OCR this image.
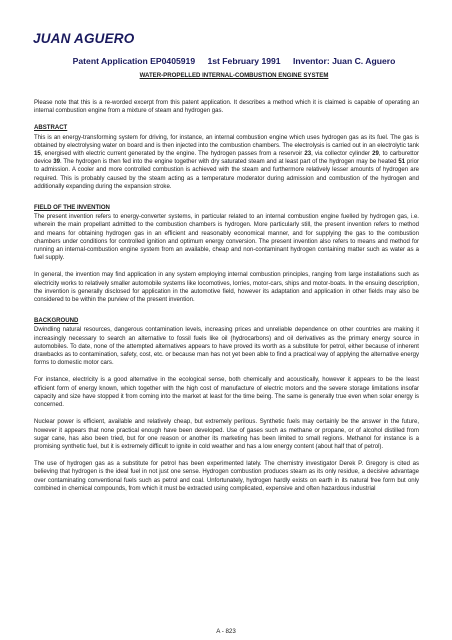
JUAN AGUERO
Patent Application EP0405919 1st February 1991 Inventor: Juan C. Aguero
WATER-PROPELLED INTERNAL-COMBUSTION ENGINE SYSTEM

Please note that this is a re-worded excerpt from this patent application. It describes a method which it is claimed is capable of operating an internal combustion engine from a mixture of steam and hydrogen gas.

ABSTRACT

This is an energy-transforming system for driving, for instance, an internal combustion engine which uses hydrogen gas as its fuel. The gas is obtained by electrolysing water on board and is then injected into the combustion chambers. The electrolysis is carried out in an electrolytic tank 15, energised with electric current generated by the engine. The hydrogen passes from a reservoir 23, via collector cylinder 29, to carburettor device 39. The hydrogen is then fed into the engine together with dry saturated steam and at least part of the hydrogen may be heated 51 prior to admission. A cooler and more controlled combustion is achieved with the steam and furthermore relatively lesser amounts of hydrogen are required. This is probably caused by the steam acting as a temperature moderator during admission and combustion of the hydrogen and additionally expanding during the expansion stroke.

FIELD OF THE INVENTION

The present invention refers to energy-converter systems, in particular related to an internal combustion engine fuelled by hydrogen gas, i.e. wherein the main propellant admitted to the combustion chambers is hydrogen. More particularly still, the present invention refers to method and means for obtaining hydrogen gas in an efficient and reasonably economical manner, and for supplying the gas to the combustion chambers under conditions for controlled ignition and optimum energy conversion. The present invention also refers to means and method for running an internal-combustion engine system from an available, cheap and non-contaminant hydrogen containing matter such as water as a fuel supply.

In general, the invention may find application in any system employing internal combustion principles, ranging from large installations such as electricity works to relatively smaller automobile systems like locomotives, lorries, motor-cars, ships and motor-boats. In the ensuing description, the invention is generally disclosed for application in the automotive field, however its adaptation and application in other fields may also be considered to be within the purview of the present invention.

BACKGROUND

Dwindling natural resources, dangerous contamination levels, increasing prices and unreliable dependence on other countries are making it increasingly necessary to search an alternative to fossil fuels like oil (hydrocarbons) and oil derivatives as the primary energy source in automobiles. To date, none of the attempted alternatives appears to have proved its worth as a substitute for petrol, either because of inherent drawbacks as to contamination, safety, cost, etc. or because man has not yet been able to find a practical way of applying the alternative energy forms to domestic motor cars.

For instance, electricity is a good alternative in the ecological sense, both chemically and acoustically, however it appears to be the least efficient form of energy known, which together with the high cost of manufacture of electric motors and the severe storage limitations insofar capacity and size have stopped it from coming into the market at least for the time being. The same is generally true even when solar energy is concerned.

Nuclear power is efficient, available and relatively cheap, but extremely perilous. Synthetic fuels may certainly be the answer in the future, however it appears that none practical enough have been developed. Use of gases such as methane or propane, or of alcohol distilled from sugar cane, has also been tried, but for one reason or another its marketing has been limited to small regions. Methanol for instance is a promising synthetic fuel, but it is extremely difficult to ignite in cold weather and has a low energy content (about half that of petrol).

The use of hydrogen gas as a substitute for petrol has been experimented lately. The chemistry investigator Derek P. Gregory is cited as believing that hydrogen is the ideal fuel in not just one sense. Hydrogen combustion produces steam as its only residue, a decisive advantage over contaminating conventional fuels such as petrol and coal. Unfortunately, hydrogen hardly exists on earth in its natural free form but only combined in chemical compounds, from which it must be extracted using complicated, expensive and often hazardous industrial

A - 823
